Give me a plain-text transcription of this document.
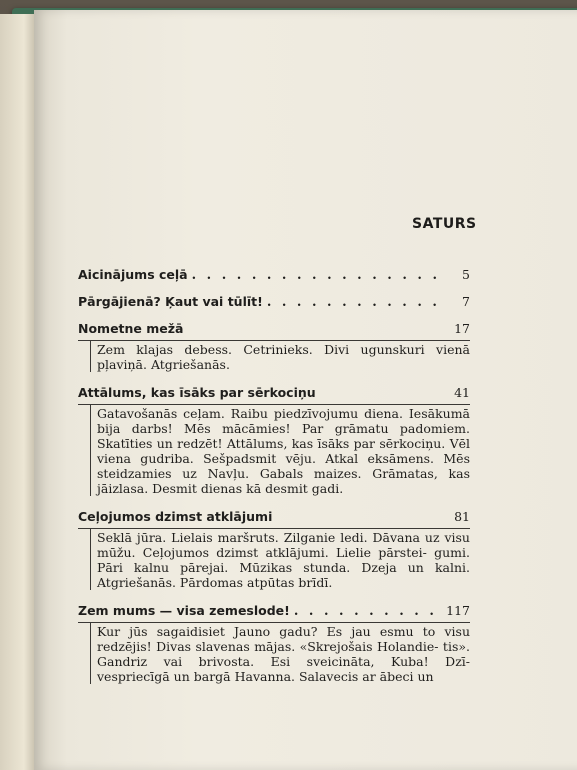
SATURS
Aicinājums ceļā . . .	5
Pārgājienā? Ķaut vai tūlīt! . . .	7
Nometne mežā	17
Zem klajas debess. Cetrinieks. Divi ugunskuri vienā pļaviņā. Atgriešanās.
Attālums, kas īsāks par sērkociņu	41
Gatavošanās ceļam. Raibu piedzīvojumu diena. Iesākumā bija darbs! Mēs mācāmies! Par grāmatu padomiem. Skatīties un redzēt! Attālums, kas īsāks par sērkociņu. Vēl viena gudriba. Sešpadsmit vēju. Atkal eksāmens. Mēs steidzamies uz Navļu. Gabals maizes. Grāmatas, kas jāizlasa. Desmit dienas kā desmit gadi.
Ceļojumos dzimst atklājumi	81
Seklā jūra. Lielais maršruts. Zilganie ledi. Dāvana uz visu mūžu. Ceļojumos dzimst atklājumi. Lielie pārstei- gumi. Pāri kalnu pārejai. Mūzikas stunda. Dzeja un kalni. Atgriešanās. Pārdomas atpūtas brīdī.
Zem mums — visa zemeslode! . . .	117
Kur jūs sagaidisiet Jauno gadu? Es jau esmu to visu redzējis! Divas slavenas mājas. «Skrejošais Holandie- tis». Gandriz vai brivosta. Esi sveicināta, Kuba! Dzī- vespriecīgā un bargā Havanna. Salavecis ar ābeci un
